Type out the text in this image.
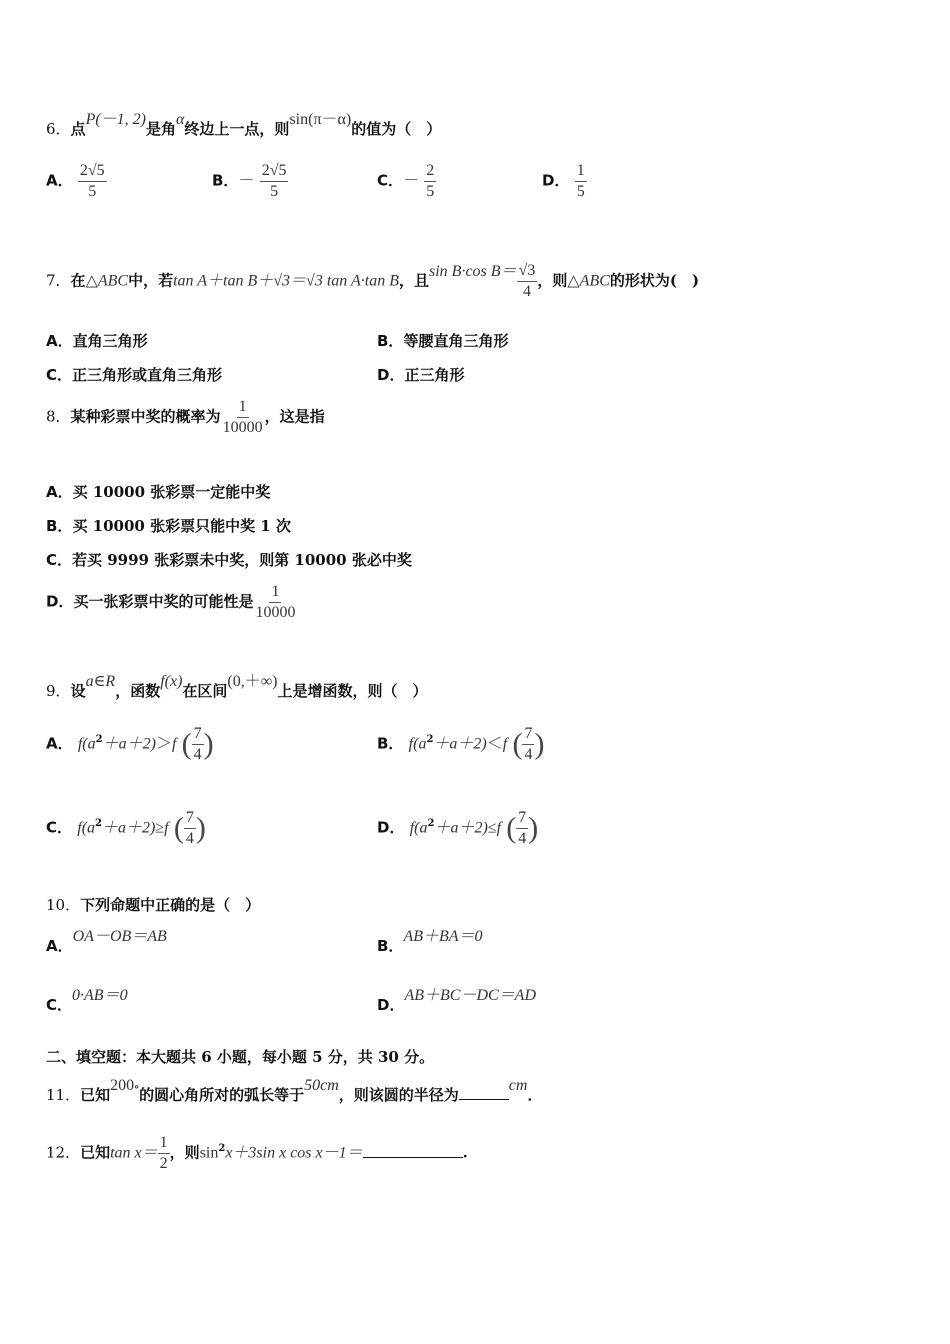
6．点P(－1, 2)是角α终边上一点，则sin(π－α)的值为（　）
A． $\frac{2√5}{5}$	B．－ $\frac{2√5}{5}$	C．－ $\frac{2}{5}$	D． $\frac{1}{5}$
7．在△ABC中，若tan A＋tan B＋√3＝√3 tan A·tan B，且sin B·cos $B= \frac{√3}{4}$ ，则△ABC的形状为(　)
A．直角三角形	B．等腰直角三角形
C．正三角形或直角三角形	D．正三角形
8．某种彩票中奖的概率为 $\frac{1}{10000}$ ，这是指
A．买 10000 张彩票一定能中奖
B．买 10000 张彩票只能中奖 1 次
C．若买 9999 张彩票未中奖，则第 10000 张必中奖
D．买一张彩票中奖的可能性是 $\frac{1}{10000}$
9．设a∈R，函数f(x)在区间(0,＋∞)上是增函数，则（　）
A． $f(a^2+a+2)>f$ ( $\frac{7}{4}$ )	B． $f(a^2+a+2)<f$ ( $\frac{7}{4}$ )
C． $f(a^2+a+2)\ge f$ ( $\frac{7}{4}$ )	D． $f(a^2+a+2)\le f$ ( $\frac{7}{4}$ )
10．下列命题中正确的是（　）
A．OA－OB＝AB
B．AB＋BA＝0
C．0·AB＝0
D．AB＋BC－DC＝AD
二、填空题：本大题共 6 小题，每小题 5 分，共 30 分。
11．已知200°的圆心角所对的弧长等于50cm，则该圆的半径为cm．
12．已知$\tan x= \frac{1}{2}$ ，则$\sin^2x+3\sin$ x cos x－1＝	.
